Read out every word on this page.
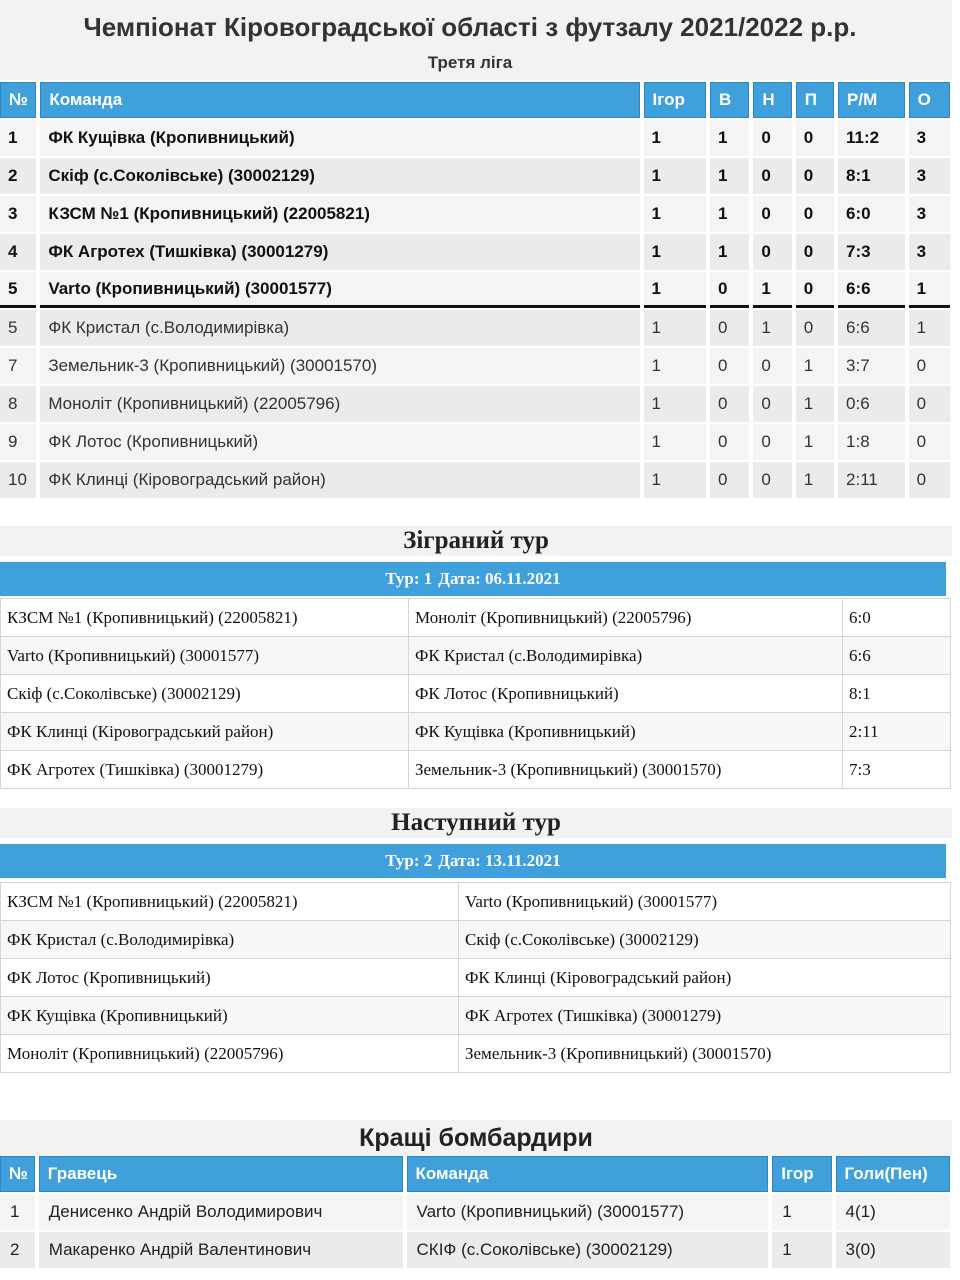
Чемпіонат Кіровоградської області з футзалу 2021/2022 р.р.
Третя ліга
№	Команда	Ігор	В	Н	П	Р/М	О
1	ФК Кущівка (Кропивницький)	1	1	0	0	11:2	3
2	Скіф (с.Соколівське) (30002129)	1	1	0	0	8:1	3
3	КЗСМ №1 (Кропивницький) (22005821)	1	1	0	0	6:0	3
4	ФК Агротех (Тишківка) (30001279)	1	1	0	0	7:3	3
5	Varto (Кропивницький) (30001577)	1	0	1	0	6:6	1
5	ФК Кристал (с.Володимирівка)	1	0	1	0	6:6	1
7	Земельник-3 (Кропивницький) (30001570)	1	0	0	1	3:7	0
8	Моноліт (Кропивницький) (22005796)	1	0	0	1	0:6	0
9	ФК Лотос (Кропивницький)	1	0	0	1	1:8	0
10	ФК Клинці (Кіровоградський район)	1	0	0	1	2:11	0
Зіграний тур
Тур: 1 Дата: 06.11.2021
КЗСМ №1 (Кропивницький) (22005821)	Моноліт (Кропивницький) (22005796)	6:0
Varto (Кропивницький) (30001577)	ФК Кристал (с.Володимирівка)	6:6
Скіф (с.Соколівське) (30002129)	ФК Лотос (Кропивницький)	8:1
ФК Клинці (Кіровоградський район)	ФК Кущівка (Кропивницький)	2:11
ФК Агротех (Тишківка) (30001279)	Земельник-3 (Кропивницький) (30001570)	7:3
Наступний тур
Тур: 2 Дата: 13.11.2021
КЗСМ №1 (Кропивницький) (22005821)	Varto (Кропивницький) (30001577)
ФК Кристал (с.Володимирівка)	Скіф (с.Соколівське) (30002129)
ФК Лотос (Кропивницький)	ФК Клинці (Кіровоградський район)
ФК Кущівка (Кропивницький)	ФК Агротех (Тишківка) (30001279)
Моноліт (Кропивницький) (22005796)	Земельник-3 (Кропивницький) (30001570)
Кращі бомбардири
№	Гравець	Команда	Ігор	Голи(Пен)
1	Денисенко Андрій Володимирович	Varto (Кропивницький) (30001577)	1	4(1)
2	Макаренко Андрій Валентинович	СКІФ (с.Соколівське) (30002129)	1	3(0)
